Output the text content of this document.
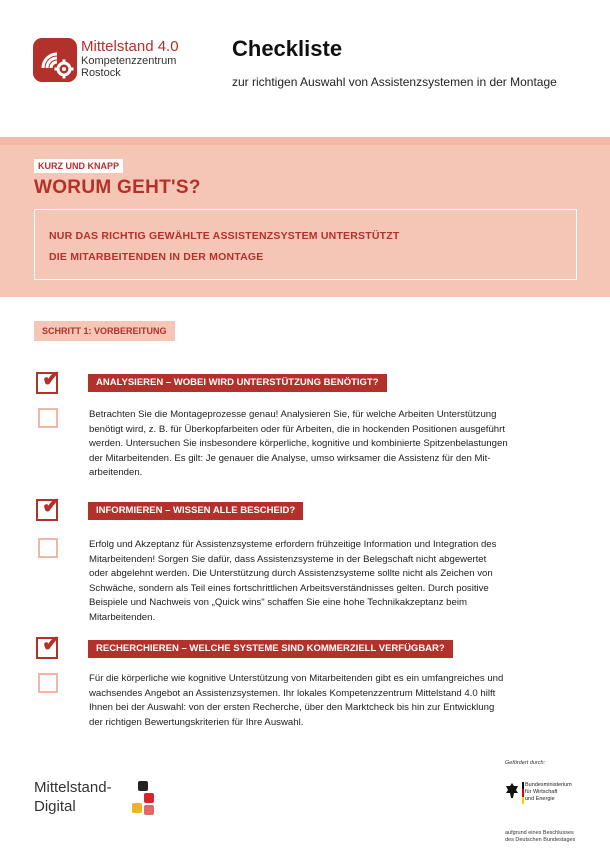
Mittelstand 4.0
Kompetenzzentrum
Rostock
Checkliste
zur richtigen Auswahl von Assistenzsystemen in der Montage
KURZ UND KNAPP
WORUM GEHT'S?
NUR DAS RICHTIG GEWÄHLTE ASSISTENZSYSTEM UNTERSTÜTZT
DIE MITARBEITENDEN IN DER MONTAGE
SCHRITT 1: VORBEREITUNG
✔	ANALYSIEREN – WOBEI WIRD UNTERSTÜTZUNG BENÖTIGT?

Betrachten Sie die Montageprozesse genau! Analysieren Sie, für welche Arbeiten Unterstützung

benötigt wird, z. B. für Überkopfarbeiten oder für Arbeiten, die in hockenden Positionen ausgeführt

werden. Untersuchen Sie insbesondere körperliche, kognitive und kombinierte Spitzenbelastungen

der Mitarbeitenden. Es gilt: Je genauer die Analyse, umso wirksamer die Assistenz für den Mit-

arbeitenden.

✔	INFORMIEREN – WISSEN ALLE BESCHEID?

Erfolg und Akzeptanz für Assistenzsysteme erfordern frühzeitige Information und Integration des

Mitarbeitenden! Sorgen Sie dafür, dass Assistenzsysteme in der Belegschaft nicht abgewertet

oder abgelehnt werden. Die Unterstützung durch Assistenzsysteme sollte nicht als Zeichen von

Schwäche, sondern als Teil eines fortschrittlichen Arbeitsverständnisses gelten. Durch positive

Beispiele und Nachweis von „Quick wins" schaffen Sie eine hohe Technikakzeptanz beim

Mitarbeitenden.

✔	RECHERCHIEREN – WELCHE SYSTEME SIND KOMMERZIELL VERFÜGBAR?

Für die körperliche wie kognitive Unterstützung von Mitarbeitenden gibt es ein umfangreiches und

wachsendes Angebot an Assistenzsystemen. Ihr lokales Kompetenzzentrum Mittelstand 4.0 hilft

Ihnen bei der Auswahl: von der ersten Recherche, über den Marktcheck bis hin zur Entwicklung

der richtigen Bewertungskriterien für Ihre Auswahl.

Mittelstand-
Digital
Gefördert durch:
Bundesministerium
für Wirtschaft
und Energie
aufgrund eines Beschlusses
des Deutschen Bundestages
